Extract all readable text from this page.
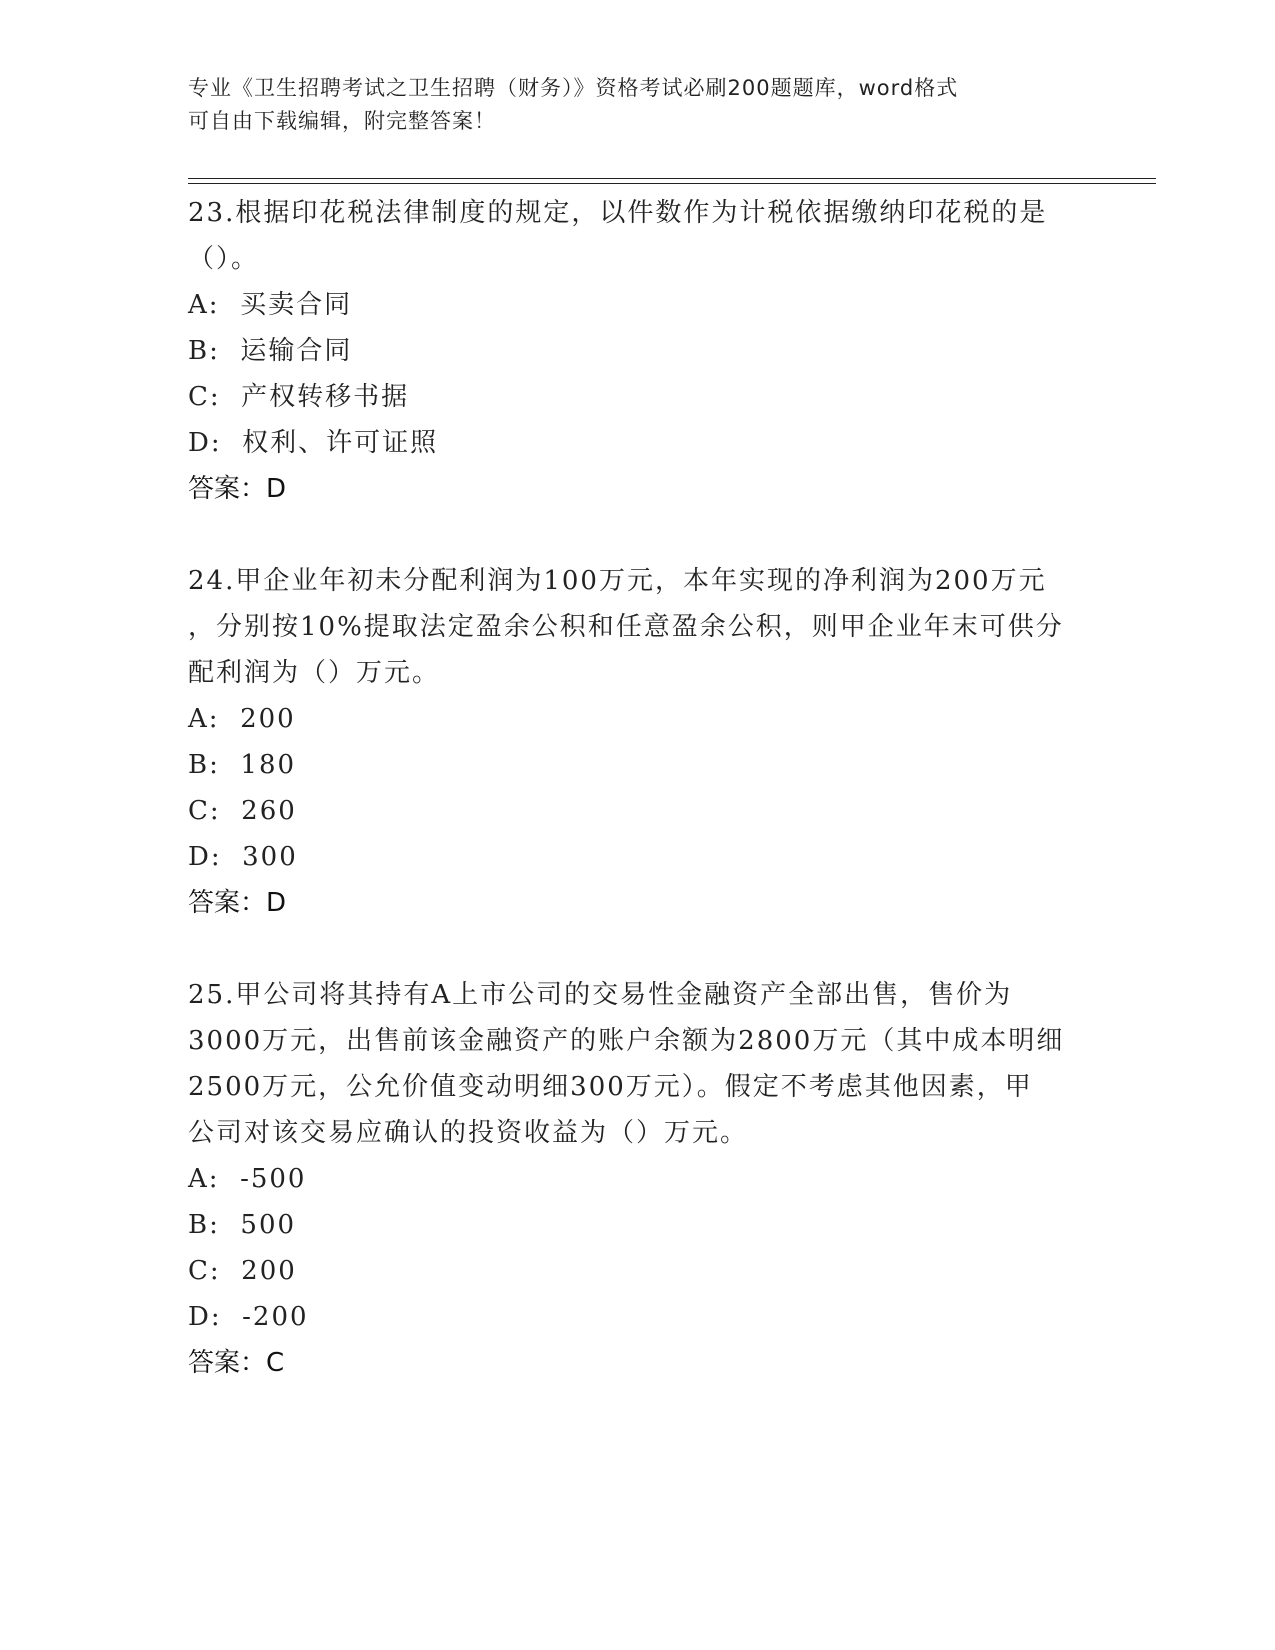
专业《卫生招聘考试之卫生招聘（财务）》资格考试必刷200题题库，word格式
可自由下载编辑，附完整答案！
23.根据印花税法律制度的规定，以件数作为计税依据缴纳印花税的是
（）。
A:  买卖合同
B:  运输合同
C:  产权转移书据
D:  权利、许可证照
答案：D
24.甲企业年初未分配利润为100万元，本年实现的净利润为200万元
，分别按10%提取法定盈余公积和任意盈余公积，则甲企业年末可供分
配利润为（）万元。
A:  200
B:  180
C:  260
D:  300
答案：D
25.甲公司将其持有A上市公司的交易性金融资产全部出售，售价为
3000万元，出售前该金融资产的账户余额为2800万元（其中成本明细
2500万元，公允价值变动明细300万元）。假定不考虑其他因素，甲
公司对该交易应确认的投资收益为（）万元。
A:  -500
B:  500
C:  200
D:  -200
答案：C
